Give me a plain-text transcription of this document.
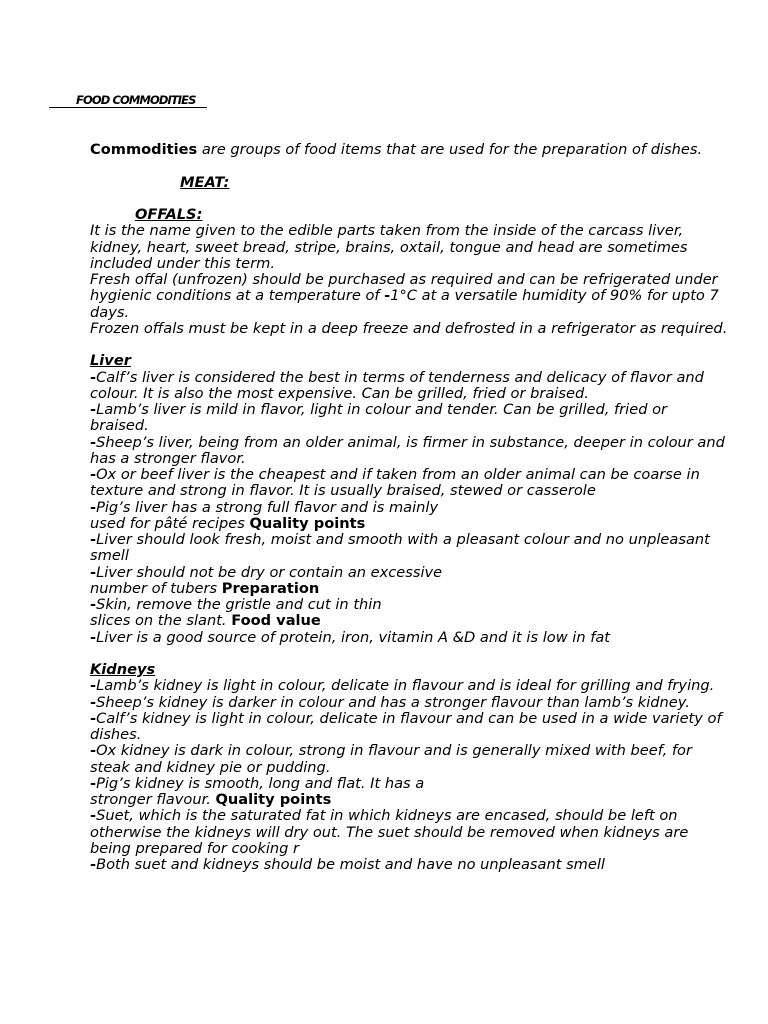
FOOD COMMODITIES

Commodities are groups of food items that are used for the preparation of dishes.

MEAT:

OFFALS:

It is the name given to the edible parts taken from the inside of the carcass liver, kidney, heart, sweet bread, stripe, brains, oxtail, tongue and head are sometimes included under this term.

Fresh offal (unfrozen) should be purchased as required and can be refrigerated under hygienic conditions at a temperature of -1°C at a versatile humidity of 90% for upto 7 days.

Frozen offals must be kept in a deep freeze and defrosted in a refrigerator as required.

Liver

-Calf’s liver is considered the best in terms of tenderness and delicacy of flavor and colour. It is also the most expensive. Can be grilled, fried or braised.

-Lamb’s liver is mild in flavor, light in colour and tender. Can be grilled, fried or braised.

-Sheep’s liver, being from an older animal, is firmer in substance, deeper in colour and has a stronger flavor.

-Ox or beef liver is the cheapest and if taken from an older animal can be coarse in texture and strong in flavor. It is usually braised, stewed or casserole

-Pig’s liver has a strong full flavor and is mainly

used for pâté recipes Quality points

-Liver should look fresh, moist and smooth with a pleasant colour and no unpleasant smell

-Liver should not be dry or contain an excessive

number of tubers Preparation

-Skin, remove the gristle and cut in thin

slices on the slant. Food value

-Liver is a good source of protein, iron, vitamin A &D and it is low in fat

Kidneys

-Lamb’s kidney is light in colour, delicate in flavour and is ideal for grilling and frying.

-Sheep’s kidney is darker in colour and has a stronger flavour than lamb’s kidney.

-Calf’s kidney is light in colour, delicate in flavour and can be used in a wide variety of dishes.

-Ox kidney is dark in colour, strong in flavour and is generally mixed with beef, for steak and kidney pie or pudding.

-Pig’s kidney is smooth, long and flat. It has a

stronger flavour. Quality points

-Suet, which is the saturated fat in which kidneys are encased, should be left on otherwise the kidneys will dry out. The suet should be removed when kidneys are being prepared for cooking r

-Both suet and kidneys should be moist and have no unpleasant smell
